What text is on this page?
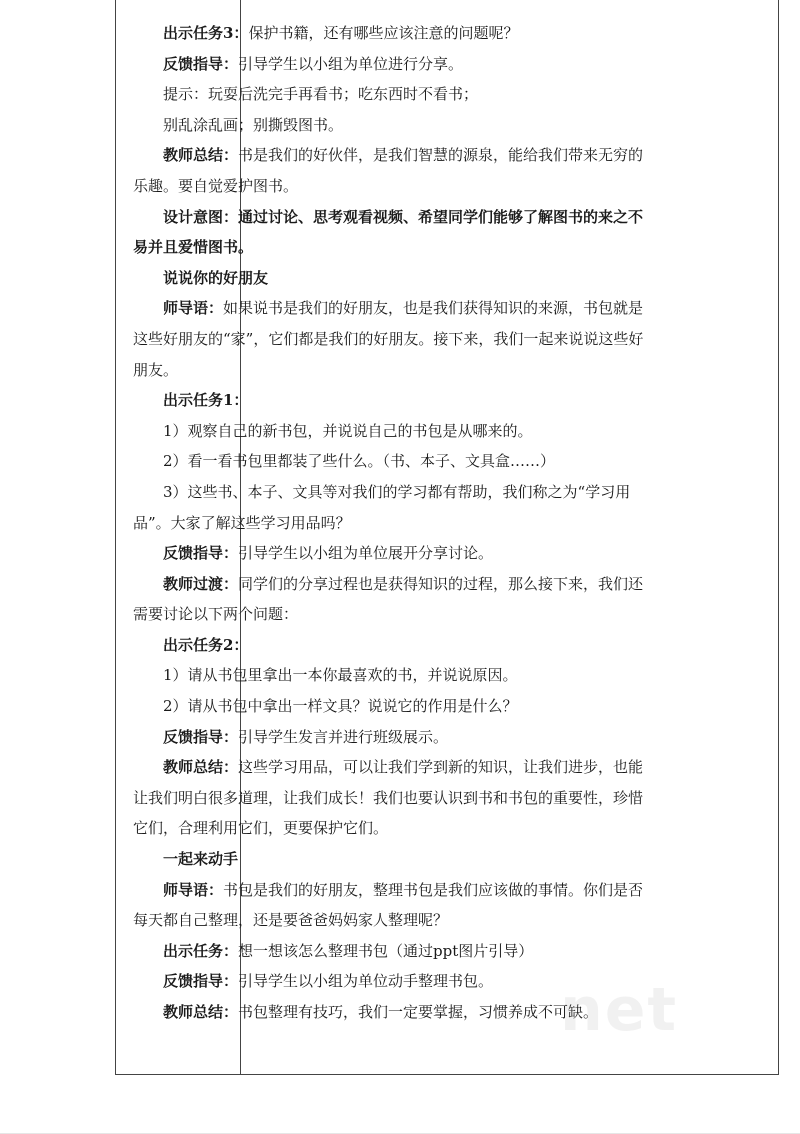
出示任务3：保护书籍，还有哪些应该注意的问题呢？

反馈指导：引导学生以小组为单位进行分享。

提示：玩耍后洗完手再看书；吃东西时不看书；

别乱涂乱画；别撕毁图书。

教师总结：书是我们的好伙伴，是我们智慧的源泉，能给我们带来无穷的乐趣。要自觉爱护图书。

设计意图：通过讨论、思考观看视频、希望同学们能够了解图书的来之不易并且爱惜图书。

说说你的好朋友

师导语：如果说书是我们的好朋友，也是我们获得知识的来源，书包就是这些好朋友的“家”，它们都是我们的好朋友。接下来，我们一起来说说这些好朋友。

出示任务1：

1）观察自己的新书包，并说说自己的书包是从哪来的。

2）看一看书包里都装了些什么。（书、本子、文具盒……）

3）这些书、本子、文具等对我们的学习都有帮助，我们称之为“学习用品”。大家了解这些学习用品吗？

反馈指导：引导学生以小组为单位展开分享讨论。

教师过渡：同学们的分享过程也是获得知识的过程，那么接下来，我们还需要讨论以下两个问题：

出示任务2：

1）请从书包里拿出一本你最喜欢的书，并说说原因。

2）请从书包中拿出一样文具？说说它的作用是什么？

反馈指导：引导学生发言并进行班级展示。

教师总结：这些学习用品，可以让我们学到新的知识，让我们进步，也能让我们明白很多道理，让我们成长！我们也要认识到书和书包的重要性，珍惜它们，合理利用它们，更要保护它们。

一起来动手

师导语：书包是我们的好朋友，整理书包是我们应该做的事情。你们是否每天都自己整理，还是要爸爸妈妈家人整理呢？

出示任务：想一想该怎么整理书包（通过ppt图片引导）

反馈指导：引导学生以小组为单位动手整理书包。

教师总结：书包整理有技巧，我们一定要掌握，习惯养成不可缺。

net
